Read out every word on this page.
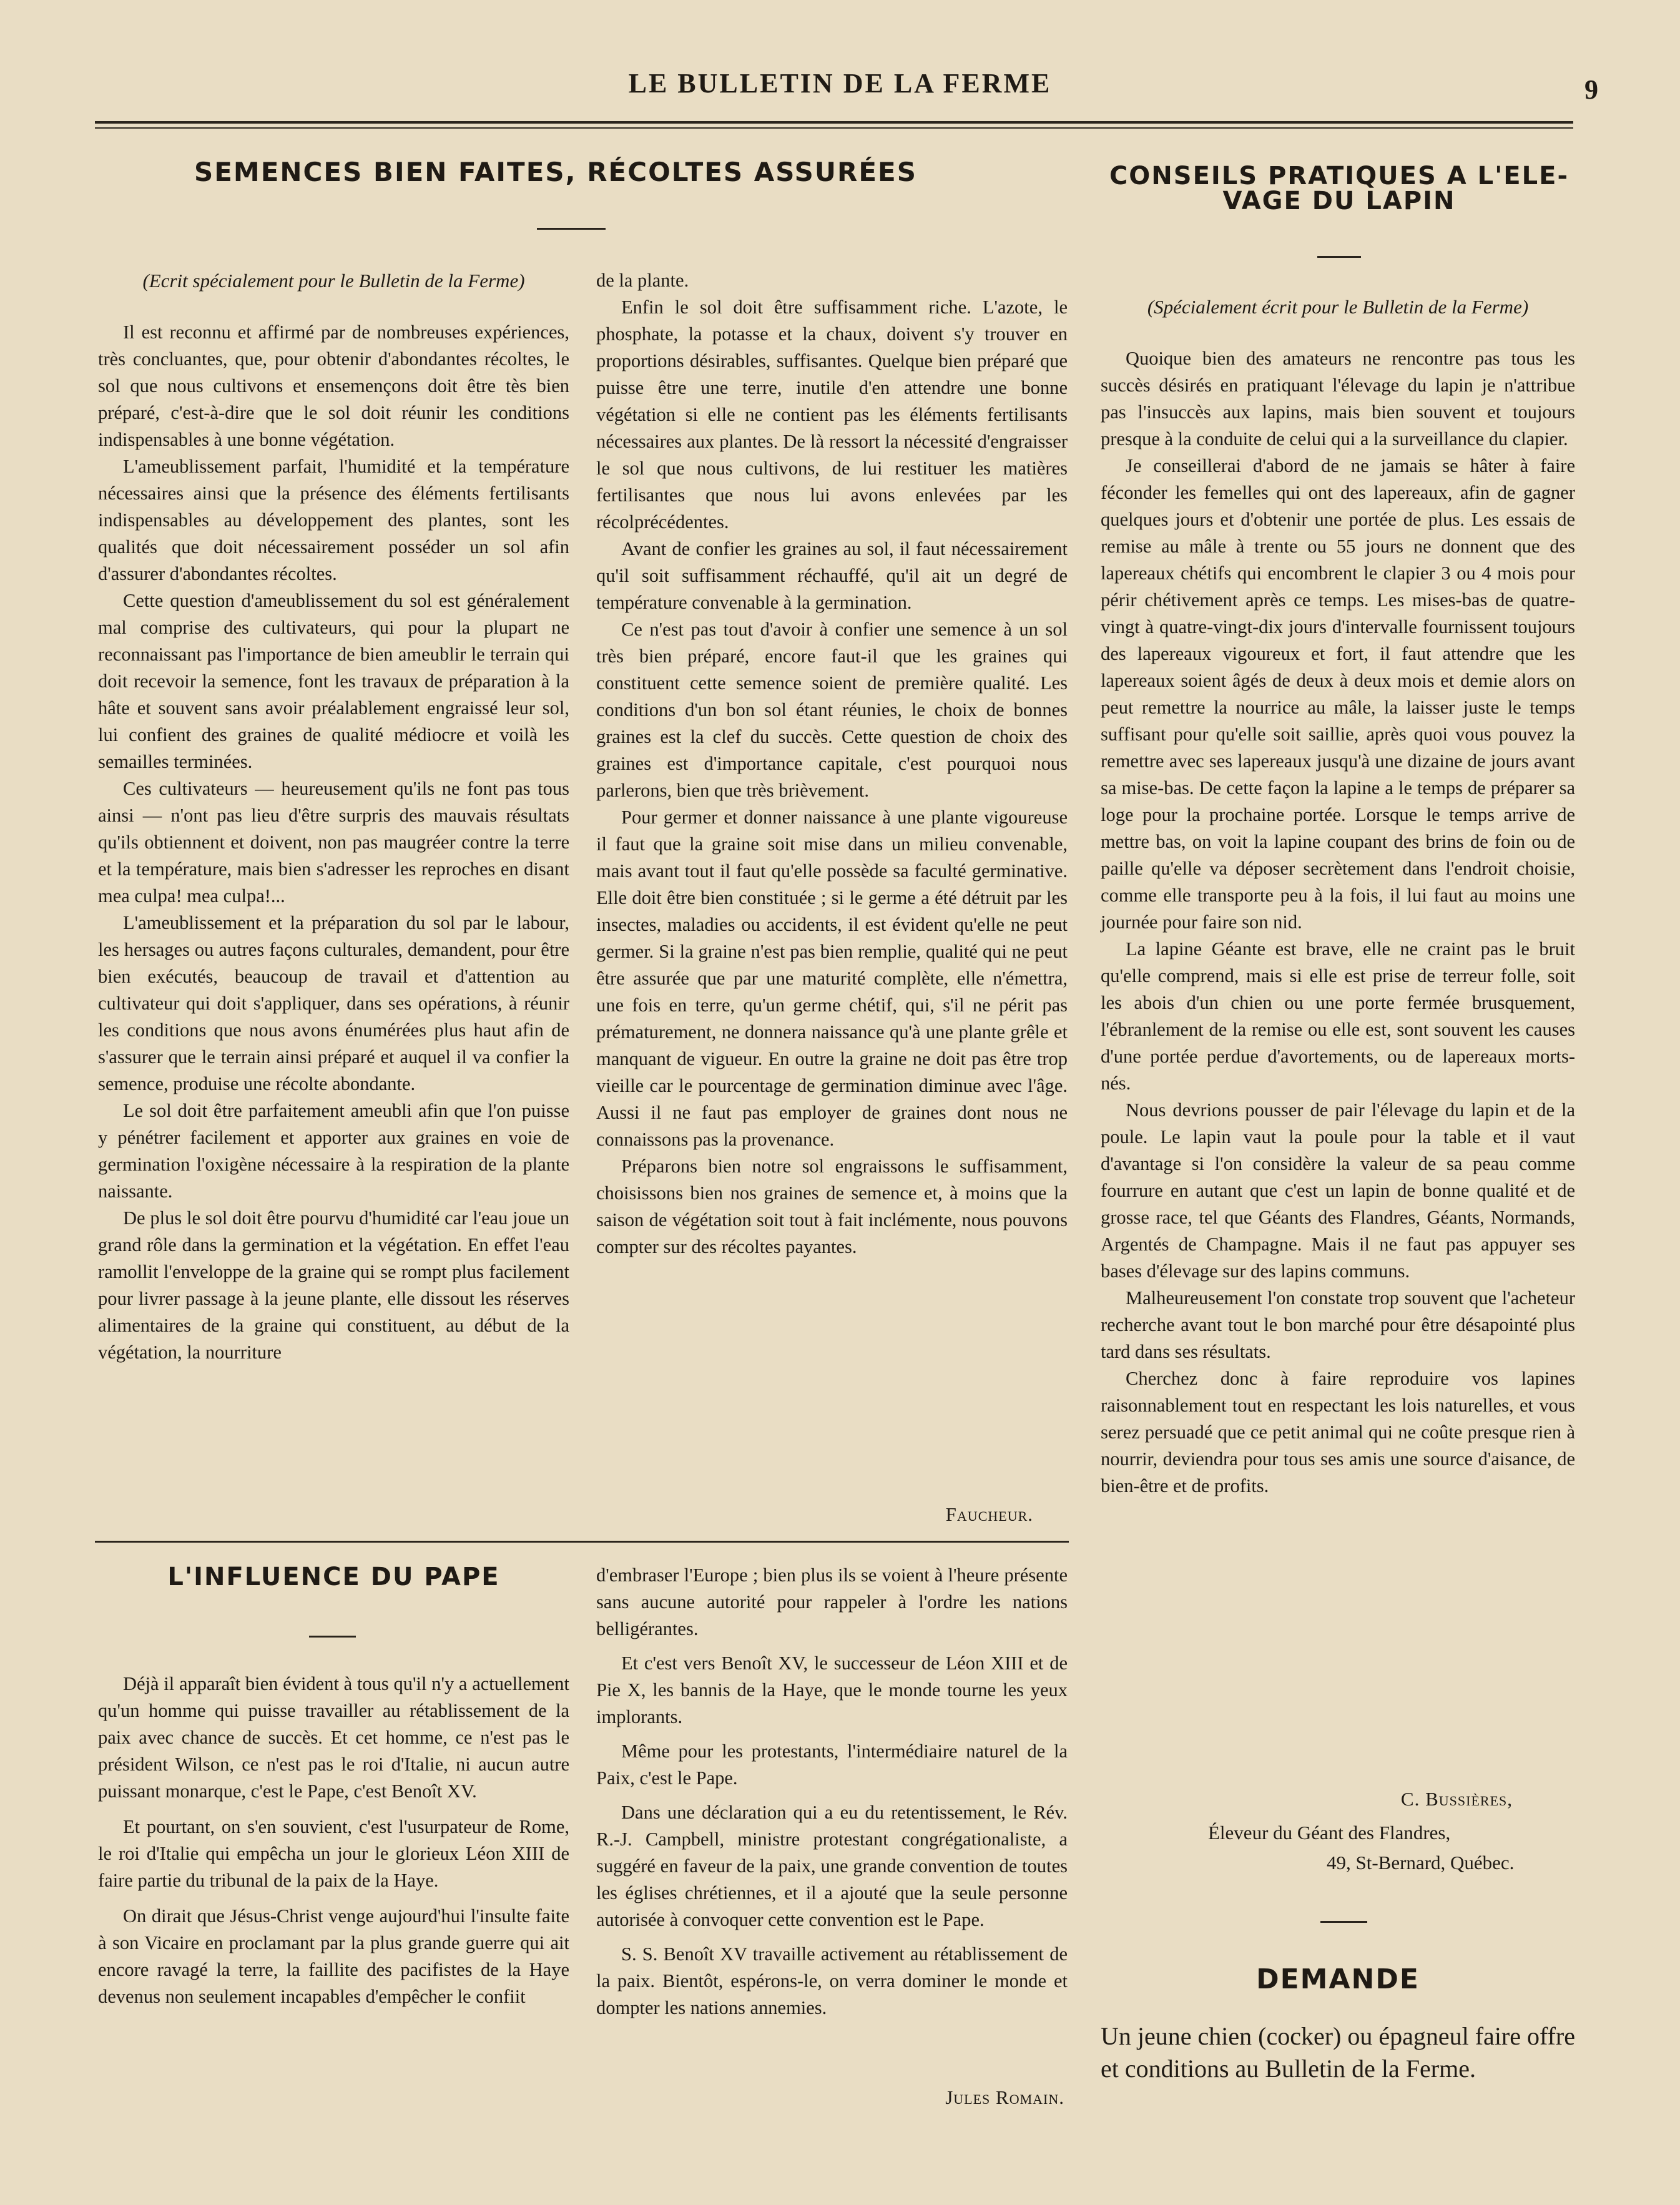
LE BULLETIN DE LA FERME	9
SEMENCES BIEN FAITES, RÉCOLTES ASSURÉES
(Ecrit spécialement pour le Bulletin de la Ferme)

Il est reconnu et affirmé par de nombreuses expériences, très concluantes, que, pour obtenir d'abondantes récoltes, le sol que nous cultivons et ensemençons doit être tès bien préparé, c'est-à-dire que le sol doit réunir les conditions indispensables à une bonne végétation.

L'ameublissement parfait, l'humidité et la température nécessaires ainsi que la présence des éléments fertilisants indispensables au développement des plantes, sont les qualités que doit nécessairement posséder un sol afin d'assurer d'abondantes récoltes.

Cette question d'ameublissement du sol est généralement mal comprise des cultivateurs, qui pour la plupart ne reconnaissant pas l'importance de bien ameublir le terrain qui doit recevoir la semence, font les travaux de préparation à la hâte et souvent sans avoir préalablement engraissé leur sol, lui confient des graines de qualité médiocre et voilà les semailles terminées.

Ces cultivateurs — heureusement qu'ils ne font pas tous ainsi — n'ont pas lieu d'être surpris des mauvais résultats qu'ils obtiennent et doivent, non pas maugréer contre la terre et la température, mais bien s'adresser les reproches en disant mea culpa! mea culpa!...

L'ameublissement et la préparation du sol par le labour, les hersages ou autres façons culturales, demandent, pour être bien exécutés, beaucoup de travail et d'attention au cultivateur qui doit s'appliquer, dans ses opérations, à réunir les conditions que nous avons énumérées plus haut afin de s'assurer que le terrain ainsi préparé et auquel il va confier la semence, produise une récolte abondante.

Le sol doit être parfaitement ameubli afin que l'on puisse y pénétrer facilement et apporter aux graines en voie de germination l'oxigène nécessaire à la respiration de la plante naissante.

De plus le sol doit être pourvu d'humidité car l'eau joue un grand rôle dans la germination et la végétation. En effet l'eau ramollit l'enveloppe de la graine qui se rompt plus facilement pour livrer passage à la jeune plante, elle dissout les réserves alimentaires de la graine qui constituent, au début de la végétation, la nourriture

de la plante.

Enfin le sol doit être suffisamment riche. L'azote, le phosphate, la potasse et la chaux, doivent s'y trouver en proportions désirables, suffisantes. Quelque bien préparé que puisse être une terre, inutile d'en attendre une bonne végétation si elle ne contient pas les éléments fertilisants nécessaires aux plantes. De là ressort la nécessité d'engraisser le sol que nous cultivons, de lui restituer les matières fertilisantes que nous lui avons enlevées par les récolprécédentes.

Avant de confier les graines au sol, il faut nécessairement qu'il soit suffisamment réchauffé, qu'il ait un degré de température convenable à la germination.

Ce n'est pas tout d'avoir à confier une semence à un sol très bien préparé, encore faut-il que les graines qui constituent cette semence soient de première qualité. Les conditions d'un bon sol étant réunies, le choix de bonnes graines est la clef du succès. Cette question de choix des graines est d'importance capitale, c'est pourquoi nous parlerons, bien que très brièvement.

Pour germer et donner naissance à une plante vigoureuse il faut que la graine soit mise dans un milieu convenable, mais avant tout il faut qu'elle possède sa faculté germinative. Elle doit être bien constituée ; si le germe a été détruit par les insectes, maladies ou accidents, il est évident qu'elle ne peut germer. Si la graine n'est pas bien remplie, qualité qui ne peut être assurée que par une maturité complète, elle n'émettra, une fois en terre, qu'un germe chétif, qui, s'il ne périt pas prématurement, ne donnera naissance qu'à une plante grêle et manquant de vigueur. En outre la graine ne doit pas être trop vieille car le pourcentage de germination diminue avec l'âge. Aussi il ne faut pas employer de graines dont nous ne connaissons pas la provenance.

Préparons bien notre sol engraissons le suffisamment, choisissons bien nos graines de semence et, à moins que la saison de végétation soit tout à fait inclémente, nous pouvons compter sur des récoltes payantes.

Faucheur.
L'INFLUENCE DU PAPE

Déjà il apparaît bien évident à tous qu'il n'y a actuellement qu'un homme qui puisse travailler au rétablissement de la paix avec chance de succès. Et cet homme, ce n'est pas le président Wilson, ce n'est pas le roi d'Italie, ni aucun autre puissant monarque, c'est le Pape, c'est Benoît XV.

Et pourtant, on s'en souvient, c'est l'usurpateur de Rome, le roi d'Italie qui empêcha un jour le glorieux Léon XIII de faire partie du tribunal de la paix de la Haye.

On dirait que Jésus-Christ venge aujourd'hui l'insulte faite à son Vicaire en proclamant par la plus grande guerre qui ait encore ravagé la terre, la faillite des pacifistes de la Haye devenus non seulement incapables d'empêcher le confiit

d'embraser l'Europe ; bien plus ils se voient à l'heure présente sans aucune autorité pour rappeler à l'ordre les nations belligérantes.

Et c'est vers Benoît XV, le successeur de Léon XIII et de Pie X, les bannis de la Haye, que le monde tourne les yeux implorants.

Même pour les protestants, l'intermédiaire naturel de la Paix, c'est le Pape.

Dans une déclaration qui a eu du retentissement, le Rév. R.-J. Campbell, ministre protestant congrégationaliste, a suggéré en faveur de la paix, une grande convention de toutes les églises chrétiennes, et il a ajouté que la seule personne autorisée à convoquer cette convention est le Pape.

S. S. Benoît XV travaille activement au rétablissement de la paix. Bientôt, espérons-le, on verra dominer le monde et dompter les nations annemies.

Jules Romain.
CONSEILS PRATIQUES A L'ELE-
VAGE DU LAPIN
(Spécialement écrit pour le Bulletin de la Ferme)

Quoique bien des amateurs ne rencontre pas tous les succès désirés en pratiquant l'élevage du lapin je n'attribue pas l'insuccès aux lapins, mais bien souvent et toujours presque à la conduite de celui qui a la surveillance du clapier.

Je conseillerai d'abord de ne jamais se hâter à faire féconder les femelles qui ont des lapereaux, afin de gagner quelques jours et d'obtenir une portée de plus. Les essais de remise au mâle à trente ou 55 jours ne donnent que des lapereaux chétifs qui encombrent le clapier 3 ou 4 mois pour périr chétivement après ce temps. Les mises-bas de quatre-vingt à quatre-vingt-dix jours d'intervalle fournissent toujours des lapereaux vigoureux et fort, il faut attendre que les lapereaux soient âgés de deux à deux mois et demie alors on peut remettre la nourrice au mâle, la laisser juste le temps suffisant pour qu'elle soit saillie, après quoi vous pouvez la remettre avec ses lapereaux jusqu'à une dizaine de jours avant sa mise-bas. De cette façon la lapine a le temps de préparer sa loge pour la prochaine portée. Lorsque le temps arrive de mettre bas, on voit la lapine coupant des brins de foin ou de paille qu'elle va déposer secrètement dans l'endroit choisie, comme elle transporte peu à la fois, il lui faut au moins une journée pour faire son nid.

La lapine Géante est brave, elle ne craint pas le bruit qu'elle comprend, mais si elle est prise de terreur folle, soit les abois d'un chien ou une porte fermée brusquement, l'ébranlement de la remise ou elle est, sont souvent les causes d'une portée perdue d'avortements, ou de lapereaux morts-nés.

Nous devrions pousser de pair l'élevage du lapin et de la poule. Le lapin vaut la poule pour la table et il vaut d'avantage si l'on considère la valeur de sa peau comme fourrure en autant que c'est un lapin de bonne qualité et de grosse race, tel que Géants des Flandres, Géants, Normands, Argentés de Champagne. Mais il ne faut pas appuyer ses bases d'élevage sur des lapins communs.

Malheureusement l'on constate trop souvent que l'acheteur recherche avant tout le bon marché pour être désapointé plus tard dans ses résultats.

Cherchez donc à faire reproduire vos lapines raisonnablement tout en respectant les lois naturelles, et vous serez persuadé que ce petit animal qui ne coûte presque rien à nourrir, deviendra pour tous ses amis une source d'aisance, de bien-être et de profits.

C. Bussières,
Éleveur du Géant des Flandres,
49, St-Bernard, Québec.
DEMANDE
Un jeune chien (cocker) ou épagneul faire offre et conditions au Bulletin de la Ferme.
